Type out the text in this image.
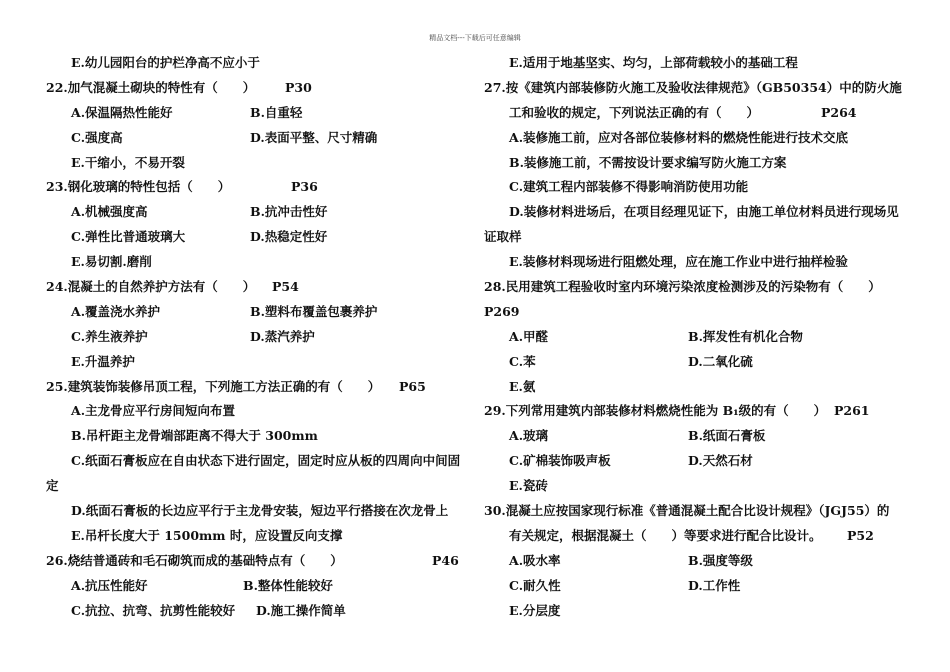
精品文档---下载后可任意编辑
E.幼儿园阳台的护栏净高不应小于
22.加气混凝土砌块的特性有（　　） P30
A.保温隔热性能好	B.自重轻
C.强度高	D.表面平整、尺寸精确
E.干缩小，不易开裂
23.钢化玻璃的特性包括（　　）	P36
A.机械强度高	B.抗冲击性好
C.弹性比普通玻璃大	D.热稳定性好
E.易切割.磨削
24.混凝土的自然养护方法有（　　） P54
A.覆盖浇水养护	B.塑料布覆盖包裹养护
C.养生液养护	D.蒸汽养护
E.升温养护
25.建筑装饰装修吊顶工程，下列施工方法正确的有（　　） P65
A.主龙骨应平行房间短向布置
B.吊杆距主龙骨端部距离不得大于 300mm
C.纸面石膏板应在自由状态下进行固定，固定时应从板的四周向中间固
定
D.纸面石膏板的长边应平行于主龙骨安装，短边平行搭接在次龙骨上
E.吊杆长度大于 1500mm 时，应设置反向支撑
26.烧结普通砖和毛石砌筑而成的基础特点有（　　）	P46
A.抗压性能好	B.整体性能较好
C.抗拉、抗弯、抗剪性能较好 D.施工操作简单
E.适用于地基坚实、均匀，上部荷载较小的基础工程
27.按《建筑内部装修防火施工及验收法律规范》（GB50354）中的防火施
工和验收的规定，下列说法正确的有（　　）	P264
A.装修施工前，应对各部位装修材料的燃烧性能进行技术交底
B.装修施工前，不需按设计要求编写防火施工方案
C.建筑工程内部装修不得影响消防使用功能
D.装修材料进场后，在项目经理见证下，由施工单位材料员进行现场见
证取样
E.装修材料现场进行阻燃处理，应在施工作业中进行抽样检验
28.民用建筑工程验收时室内环境污染浓度检测涉及的污染物有（　　）
P269
A.甲醛	B.挥发性有机化合物
C.苯	D.二氧化硫
E.氨
29.下列常用建筑内部装修材料燃烧性能为 B₁级的有（　　） P261
A.玻璃	B.纸面石膏板
C.矿棉装饰吸声板	D.天然石材
E.瓷砖
30.混凝土应按国家现行标准《普通混凝土配合比设计规程》（JGJ55）的
有关规定，根据混凝土（　　）等要求进行配合比设计。 P52
A.吸水率	B.强度等级
C.耐久性	D.工作性
E.分层度
